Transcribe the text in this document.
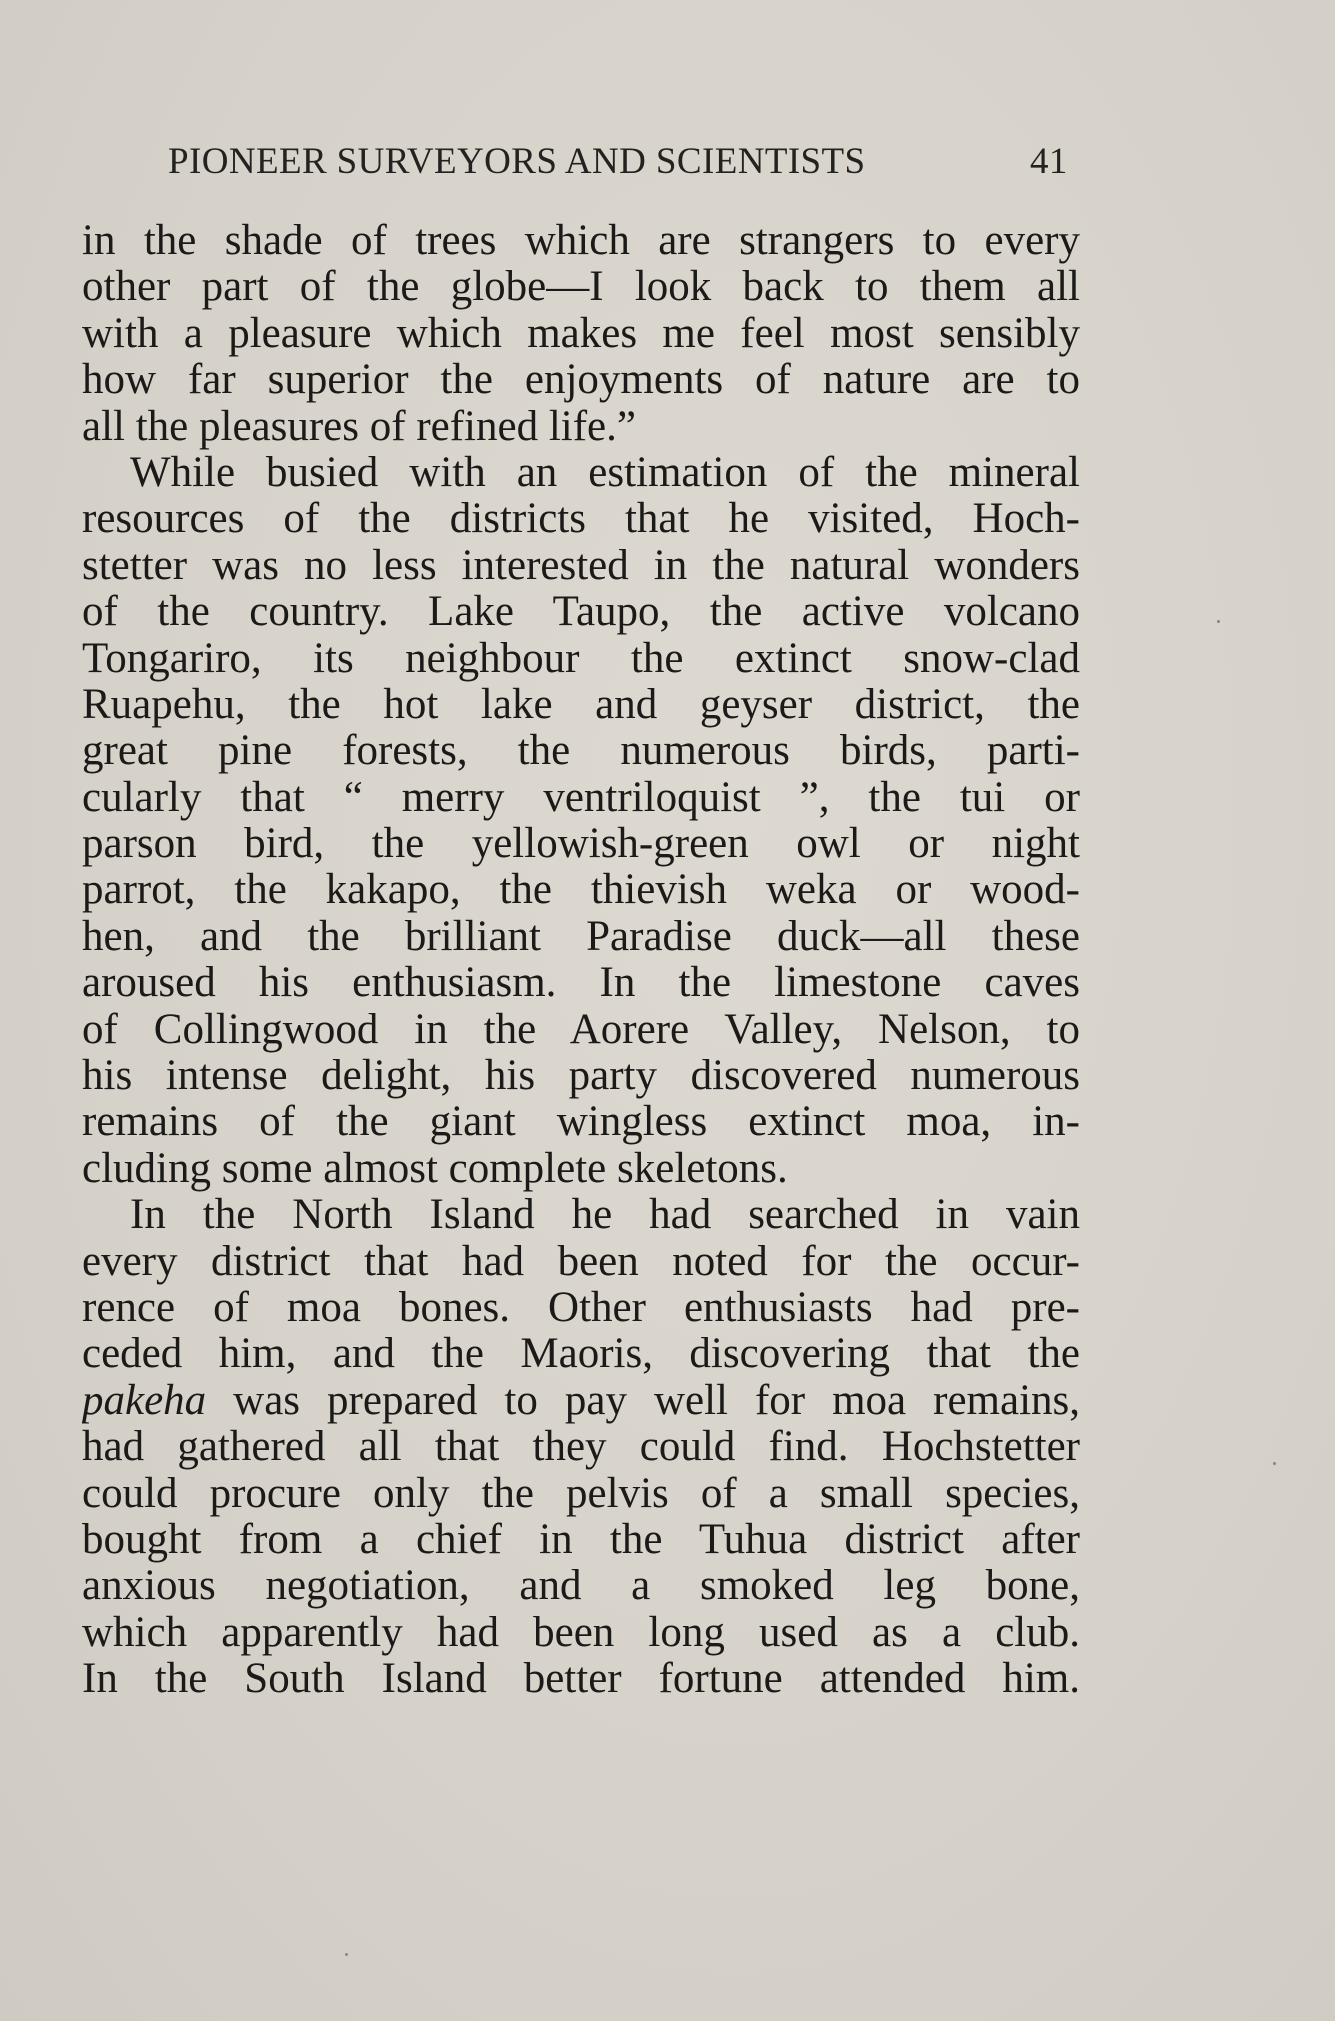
PIONEER SURVEYORS AND SCIENTISTS	41
in the shade of trees which are strangers to every
other part of the globe—I look back to them all
with a pleasure which makes me feel most sensibly
how far superior the enjoyments of nature are to
all the pleasures of refined life.”
While busied with an estimation of the mineral
resources of the districts that he visited, Hoch-
stetter was no less interested in the natural wonders
of the country. Lake Taupo, the active volcano
Tongariro, its neighbour the extinct snow-clad
Ruapehu, the hot lake and geyser district, the
great pine forests, the numerous birds, parti-
cularly that “ merry ventriloquist ”, the tui or
parson bird, the yellowish-green owl or night
parrot, the kakapo, the thievish weka or wood-
hen, and the brilliant Paradise duck—all these
aroused his enthusiasm. In the limestone caves
of Collingwood in the Aorere Valley, Nelson, to
his intense delight, his party discovered numerous
remains of the giant wingless extinct moa, in-
cluding some almost complete skeletons.
In the North Island he had searched in vain
every district that had been noted for the occur-
rence of moa bones. Other enthusiasts had pre-
ceded him, and the Maoris, discovering that the
pakeha was prepared to pay well for moa remains,
had gathered all that they could find. Hochstetter
could procure only the pelvis of a small species,
bought from a chief in the Tuhua district after
anxious negotiation, and a smoked leg bone,
which apparently had been long used as a club.
In the South Island better fortune attended him.
